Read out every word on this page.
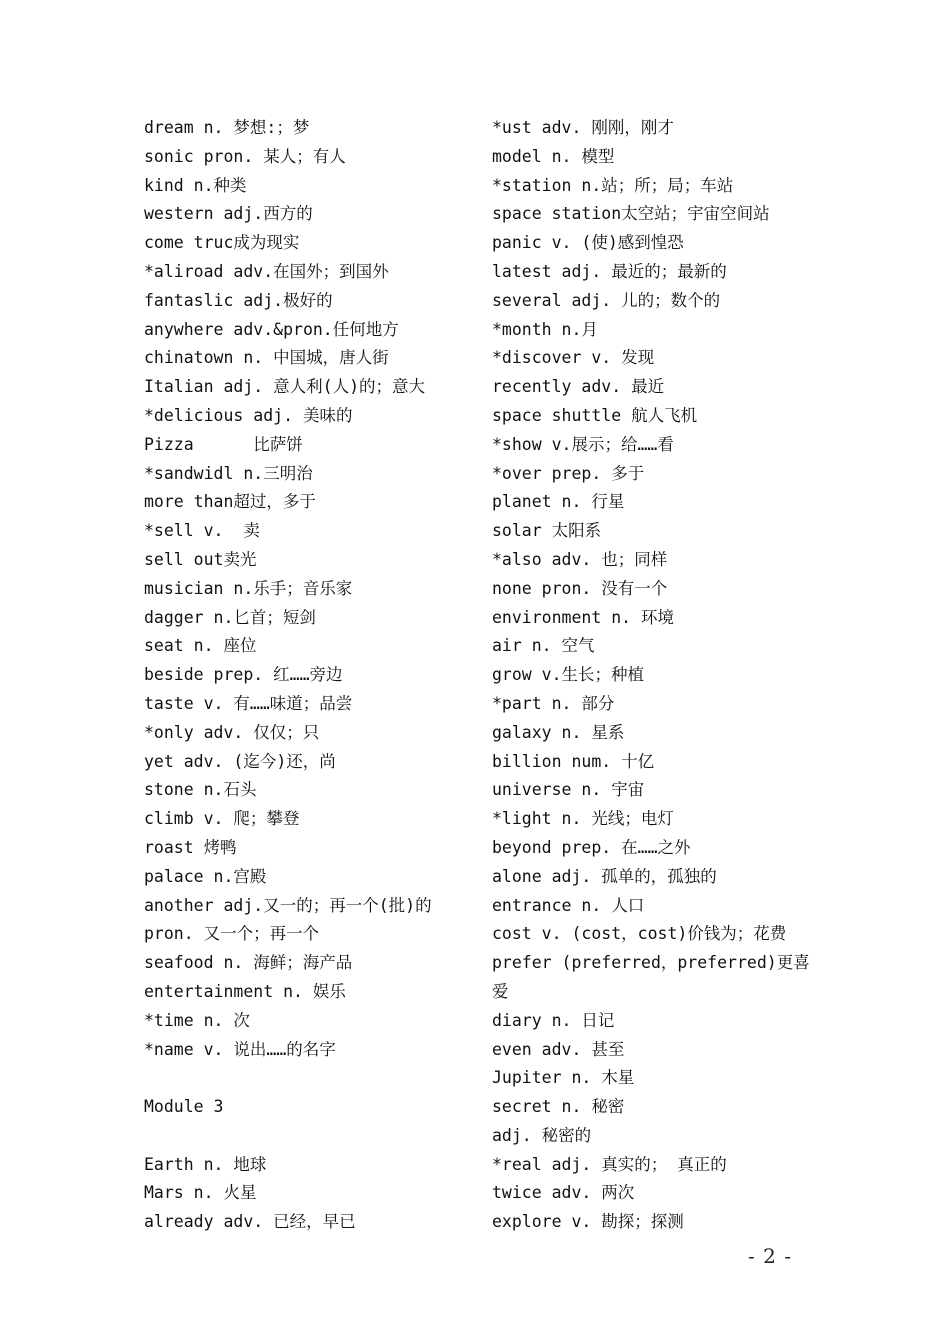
dream n. 梦想:；梦
sonic pron. 某人；有人
kind n.种类
western adj.西方的
come truc成为现实
*aliroad adv.在国外；到国外
fantaslic adj.极好的
anywhere adv.&pron.任何地方
chinatown n. 中国城，唐人街
Italian adj. 意人利(人)的；意大
*delicious adj. 美味的
Pizza      比萨饼
*sandwidl n.三明治
more than超过，多于
*sell v.  卖
sell out卖光
musician n.乐手；音乐家
dagger n.匕首；短剑
seat n. 座位
beside prep. 红……旁边
taste v. 有……味道；品尝
*only adv. 仅仅；只
yet adv. (迄今)还，尚
stone n.石头
climb v. 爬；攀登
roast 烤鸭
palace n.宫殿
another adj.又一的；再一个(批)的
pron. 又一个；再一个
seafood n. 海鲜；海产品
entertainment n. 娱乐
*time n. 次
*name v. 说出……的名字
Module 3
Earth n. 地球
Mars n. 火星
already adv. 已经，早已
*ust adv. 刚刚，刚才
model n. 模型
*station n.站；所；局；车站
space station太空站；宇宙空间站
panic v. (使)感到惶恐
latest adj. 最近的；最新的
several adj. 儿的；数个的
*month n.月
*discover v. 发现
recently adv. 最近
space shuttle 航人飞机
*show v.展示；给……看
*over prep. 多于
planet n. 行星
solar 太阳系
*also adv. 也；同样
none pron. 没有一个
environment n. 环境
air n. 空气
grow v.生长；种植
*part n. 部分
galaxy n. 星系
billion num. 十亿
universe n. 宇宙
*light n. 光线；电灯
beyond prep. 在……之外
alone adj. 孤单的，孤独的
entrance n. 人口
cost v. (cost，cost)价钱为；花费
prefer (preferred，preferred)更喜
爱
diary n. 日记
even adv. 甚至
Jupiter n. 木星
secret n. 秘密
adj. 秘密的
*real adj. 真实的； 真正的
twice adv. 两次
explore v. 勘探；探测
- 2 -
